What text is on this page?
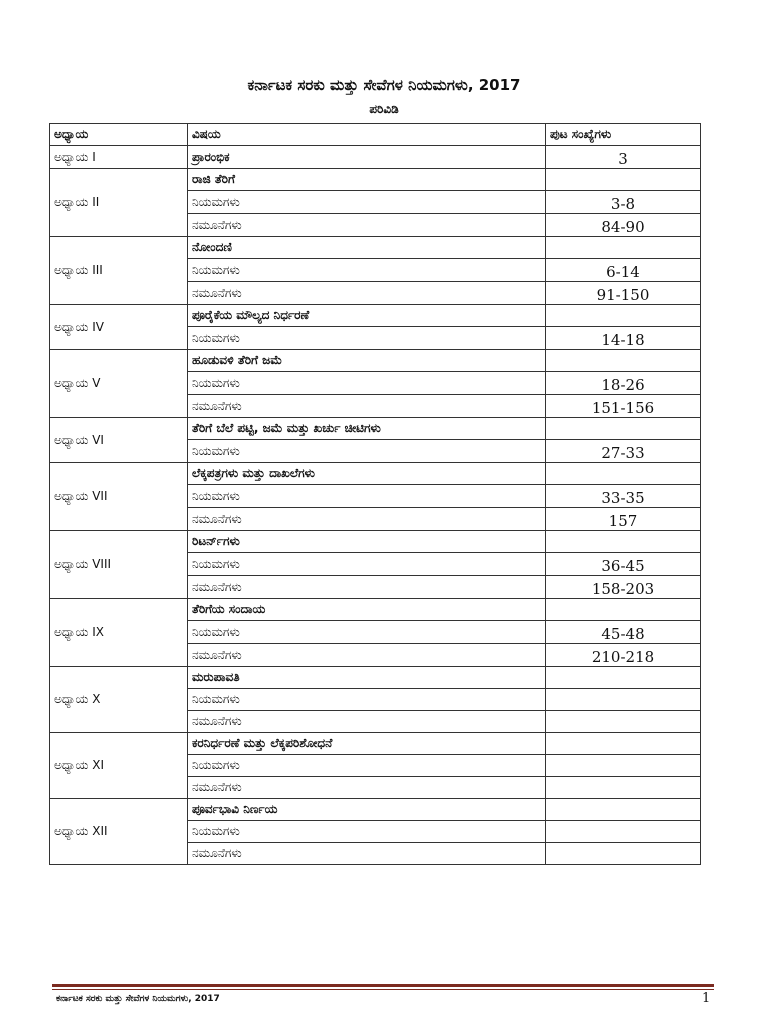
ಕರ್ನಾಟಕ ಸರಕು ಮತ್ತು ಸೇವೆಗಳ ನಿಯಮಗಳು, 2017
ಪರಿವಿಡಿ
ಅಧ್ಯಾಯ	ವಿಷಯ	ಪುಟ ಸಂಖ್ಯೆಗಳು
ಅಧ್ಯಾಯ I	ಪ್ರಾರಂಭಿಕ	3
ಅಧ್ಯಾಯ II	ರಾಜಿ ತೆರಿಗೆ	
	ನಿಯಮಗಳು	3-8
	ನಮೂನೆಗಳು	84-90
ಅಧ್ಯಾಯ III	ನೋಂದಣಿ	
	ನಿಯಮಗಳು	6-14
	ನಮೂನೆಗಳು	91-150
ಅಧ್ಯಾಯ IV	ಪೂರೈಕೆಯ ಮೌಲ್ಯದ ನಿರ್ಧರಣೆ	
	ನಿಯಮಗಳು	14-18
ಅಧ್ಯಾಯ V	ಹೂಡುವಳಿ ತೆರಿಗೆ ಜಮೆ	
	ನಿಯಮಗಳು	18-26
	ನಮೂನೆಗಳು	151-156
ಅಧ್ಯಾಯ VI	ತೆರಿಗೆ ಬೆಲೆ ಪಟ್ಟಿ, ಜಮೆ ಮತ್ತು ಖರ್ಚು ಚೀಟಿಗಳು	
	ನಿಯಮಗಳು	27-33
ಅಧ್ಯಾಯ VII	ಲೆಕ್ಕಪತ್ರಗಳು ಮತ್ತು ದಾಖಲೆಗಳು	
	ನಿಯಮಗಳು	33-35
	ನಮೂನೆಗಳು	157
ಅಧ್ಯಾಯ VIII	ರಿಟರ್ನ್‌ಗಳು	
	ನಿಯಮಗಳು	36-45
	ನಮೂನೆಗಳು	158-203
ಅಧ್ಯಾಯ IX	ತೆರಿಗೆಯ ಸಂದಾಯ	
	ನಿಯಮಗಳು	45-48
	ನಮೂನೆಗಳು	210-218
ಅಧ್ಯಾಯ X	ಮರುಪಾವತಿ	
	ನಿಯಮಗಳು	
	ನಮೂನೆಗಳು	
ಅಧ್ಯಾಯ XI	ಕರನಿರ್ಧರಣೆ ಮತ್ತು ಲೆಕ್ಕಪರಿಶೋಧನೆ	
	ನಿಯಮಗಳು	
	ನಮೂನೆಗಳು	
ಅಧ್ಯಾಯ XII	ಪೂರ್ವಭಾವಿ ನಿರ್ಣಯ	
	ನಿಯಮಗಳು	
	ನಮೂನೆಗಳು	
ಕರ್ನಾಟಕ ಸರಕು ಮತ್ತು ಸೇವೆಗಳ ನಿಯಮಗಳು, 2017	1
